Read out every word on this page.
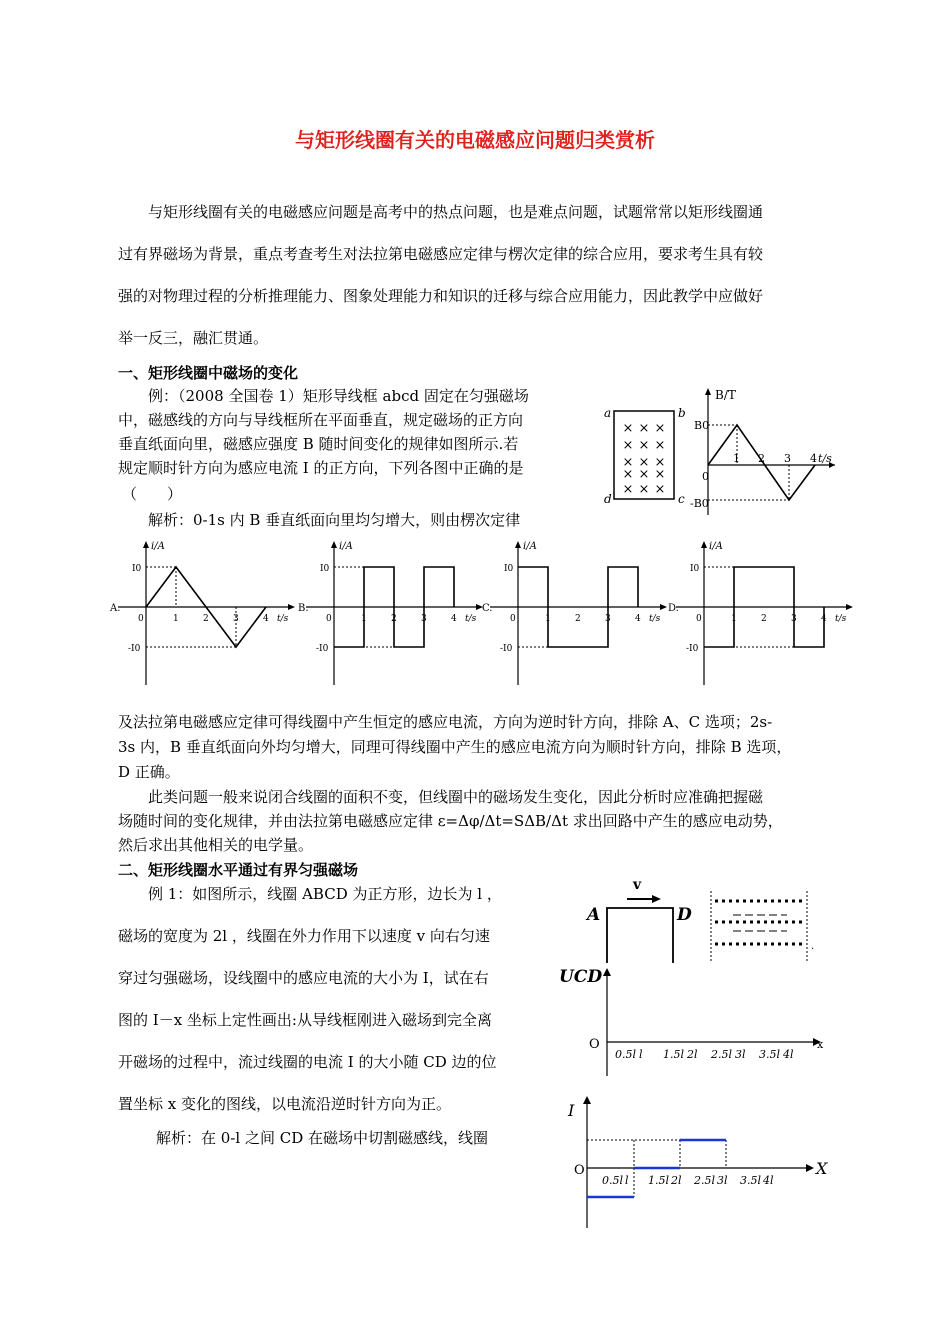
与矩形线圈有关的电磁感应问题归类赏析
与矩形线圈有关的电磁感应问题是高考中的热点问题，也是难点问题，试题常常以矩形线圈通
过有界磁场为背景，重点考查考生对法拉第电磁感应定律与楞次定律的综合应用，要求考生具有较
强的对物理过程的分析推理能力、图象处理能力和知识的迁移与综合应用能力，因此教学中应做好
举一反三，融汇贯通。
一、矩形线圈中磁场的变化
例：（2008 全国卷 1）矩形导线框 abcd 固定在匀强磁场
中，磁感线的方向与导线框所在平面垂直，规定磁场的正方向
垂直纸面向里，磁感应强度 B 随时间变化的规律如图所示.若
规定顺时针方向为感应电流 I 的正方向，下列各图中正确的是
（　　）
解析：0-1s 内 B 垂直纸面向里均匀增大，则由楞次定律
a	b
c
d
× × ×
× × ×
× × ×
× × ×
× × ×
B/T
B0
-B0
t/s
0
1 2 3 4
A.
i/A
I0
-I0
t/s
0	1	2	3	4
B.
i/A
I0
-I0
t/s
0	1	2	3	4
C.
i/A
I0
-I0
t/s
0	1	2	3	4
D.
i/A
I0
-I0
t/s
0	1	2	3	4
及法拉第电磁感应定律可得线圈中产生恒定的感应电流，方向为逆时针方向，排除 A、C 选项；2s-
3s 内，B 垂直纸面向外均匀增大，同理可得线圈中产生的感应电流方向为顺时针方向，排除 B 选项，
D 正确。
此类问题一般来说闭合线圈的面积不变，但线圈中的磁场发生变化，因此分析时应准确把握磁
场随时间的变化规律，并由法拉第电磁感应定律 ε=Δφ/Δt=SΔB/Δt 求出回路中产生的感应电动势，
然后求出其他相关的电学量。
二、矩形线圈水平通过有界匀强磁场
例 1：如图所示，线圈 ABCD 为正方形，边长为 l ，
磁场的宽度为 2l ，线圈在外力作用下以速度 v 向右匀速
穿过匀强磁场，设线圈中的感应电流的大小为 I，试在右
图的 I－x 坐标上定性画出:从导线框刚进入磁场到完全离
开磁场的过程中，流过线圈的电流 I 的大小随 CD 边的位
置坐标 x 变化的图线，以电流沿逆时针方向为正。
解析：在 0-l 之间 CD 在磁场中切割磁感线，线圈
A	D
v
.
UCD
O	x
0.5l l 1.5l 2l 2.5l 3l 3.5l 4l
I
O	X
0.5l l 1.5l 2l 2.5l 3l 3.5l 4l
